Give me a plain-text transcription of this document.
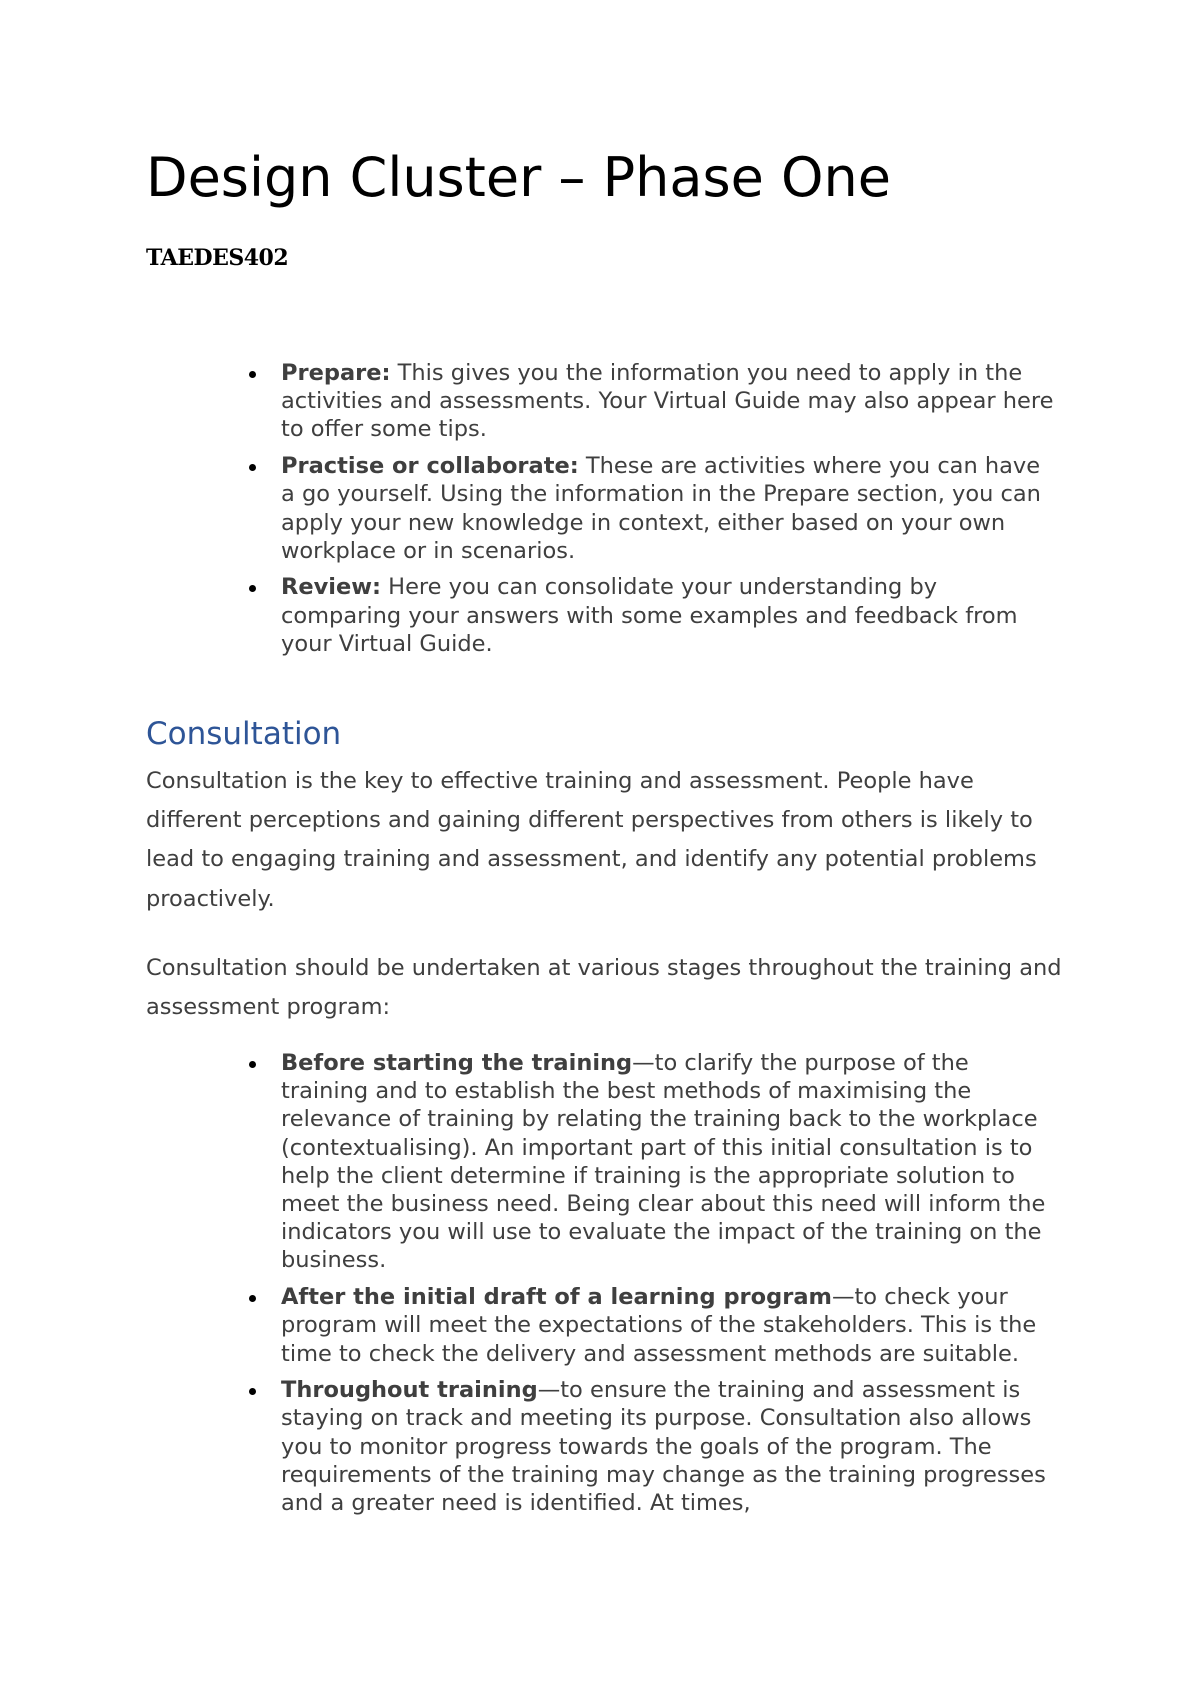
Design Cluster – Phase One

TAEDES402

Prepare: This gives you the information you need to apply in the activities and assessments. Your Virtual Guide may also appear here to offer some tips.
Practise or collaborate: These are activities where you can have a go yourself. Using the information in the Prepare section, you can apply your new knowledge in context, either based on your own workplace or in scenarios.
Review: Here you can consolidate your understanding by comparing your answers with some examples and feedback from your Virtual Guide.
Consultation

Consultation is the key to effective training and assessment. People have different perceptions and gaining different perspectives from others is likely to lead to engaging training and assessment, and identify any potential problems proactively.

Consultation should be undertaken at various stages throughout the training and assessment program:

Before starting the training—to clarify the purpose of the training and to establish the best methods of maximising the relevance of training by relating the training back to the workplace (contextualising). An important part of this initial consultation is to help the client determine if training is the appropriate solution to meet the business need. Being clear about this need will inform the indicators you will use to evaluate the impact of the training on the business.
After the initial draft of a learning program—to check your program will meet the expectations of the stakeholders. This is the time to check the delivery and assessment methods are suitable.
Throughout training—to ensure the training and assessment is staying on track and meeting its purpose. Consultation also allows you to monitor progress towards the goals of the program. The requirements of the training may change as the training progresses and a greater need is identified. At times,
